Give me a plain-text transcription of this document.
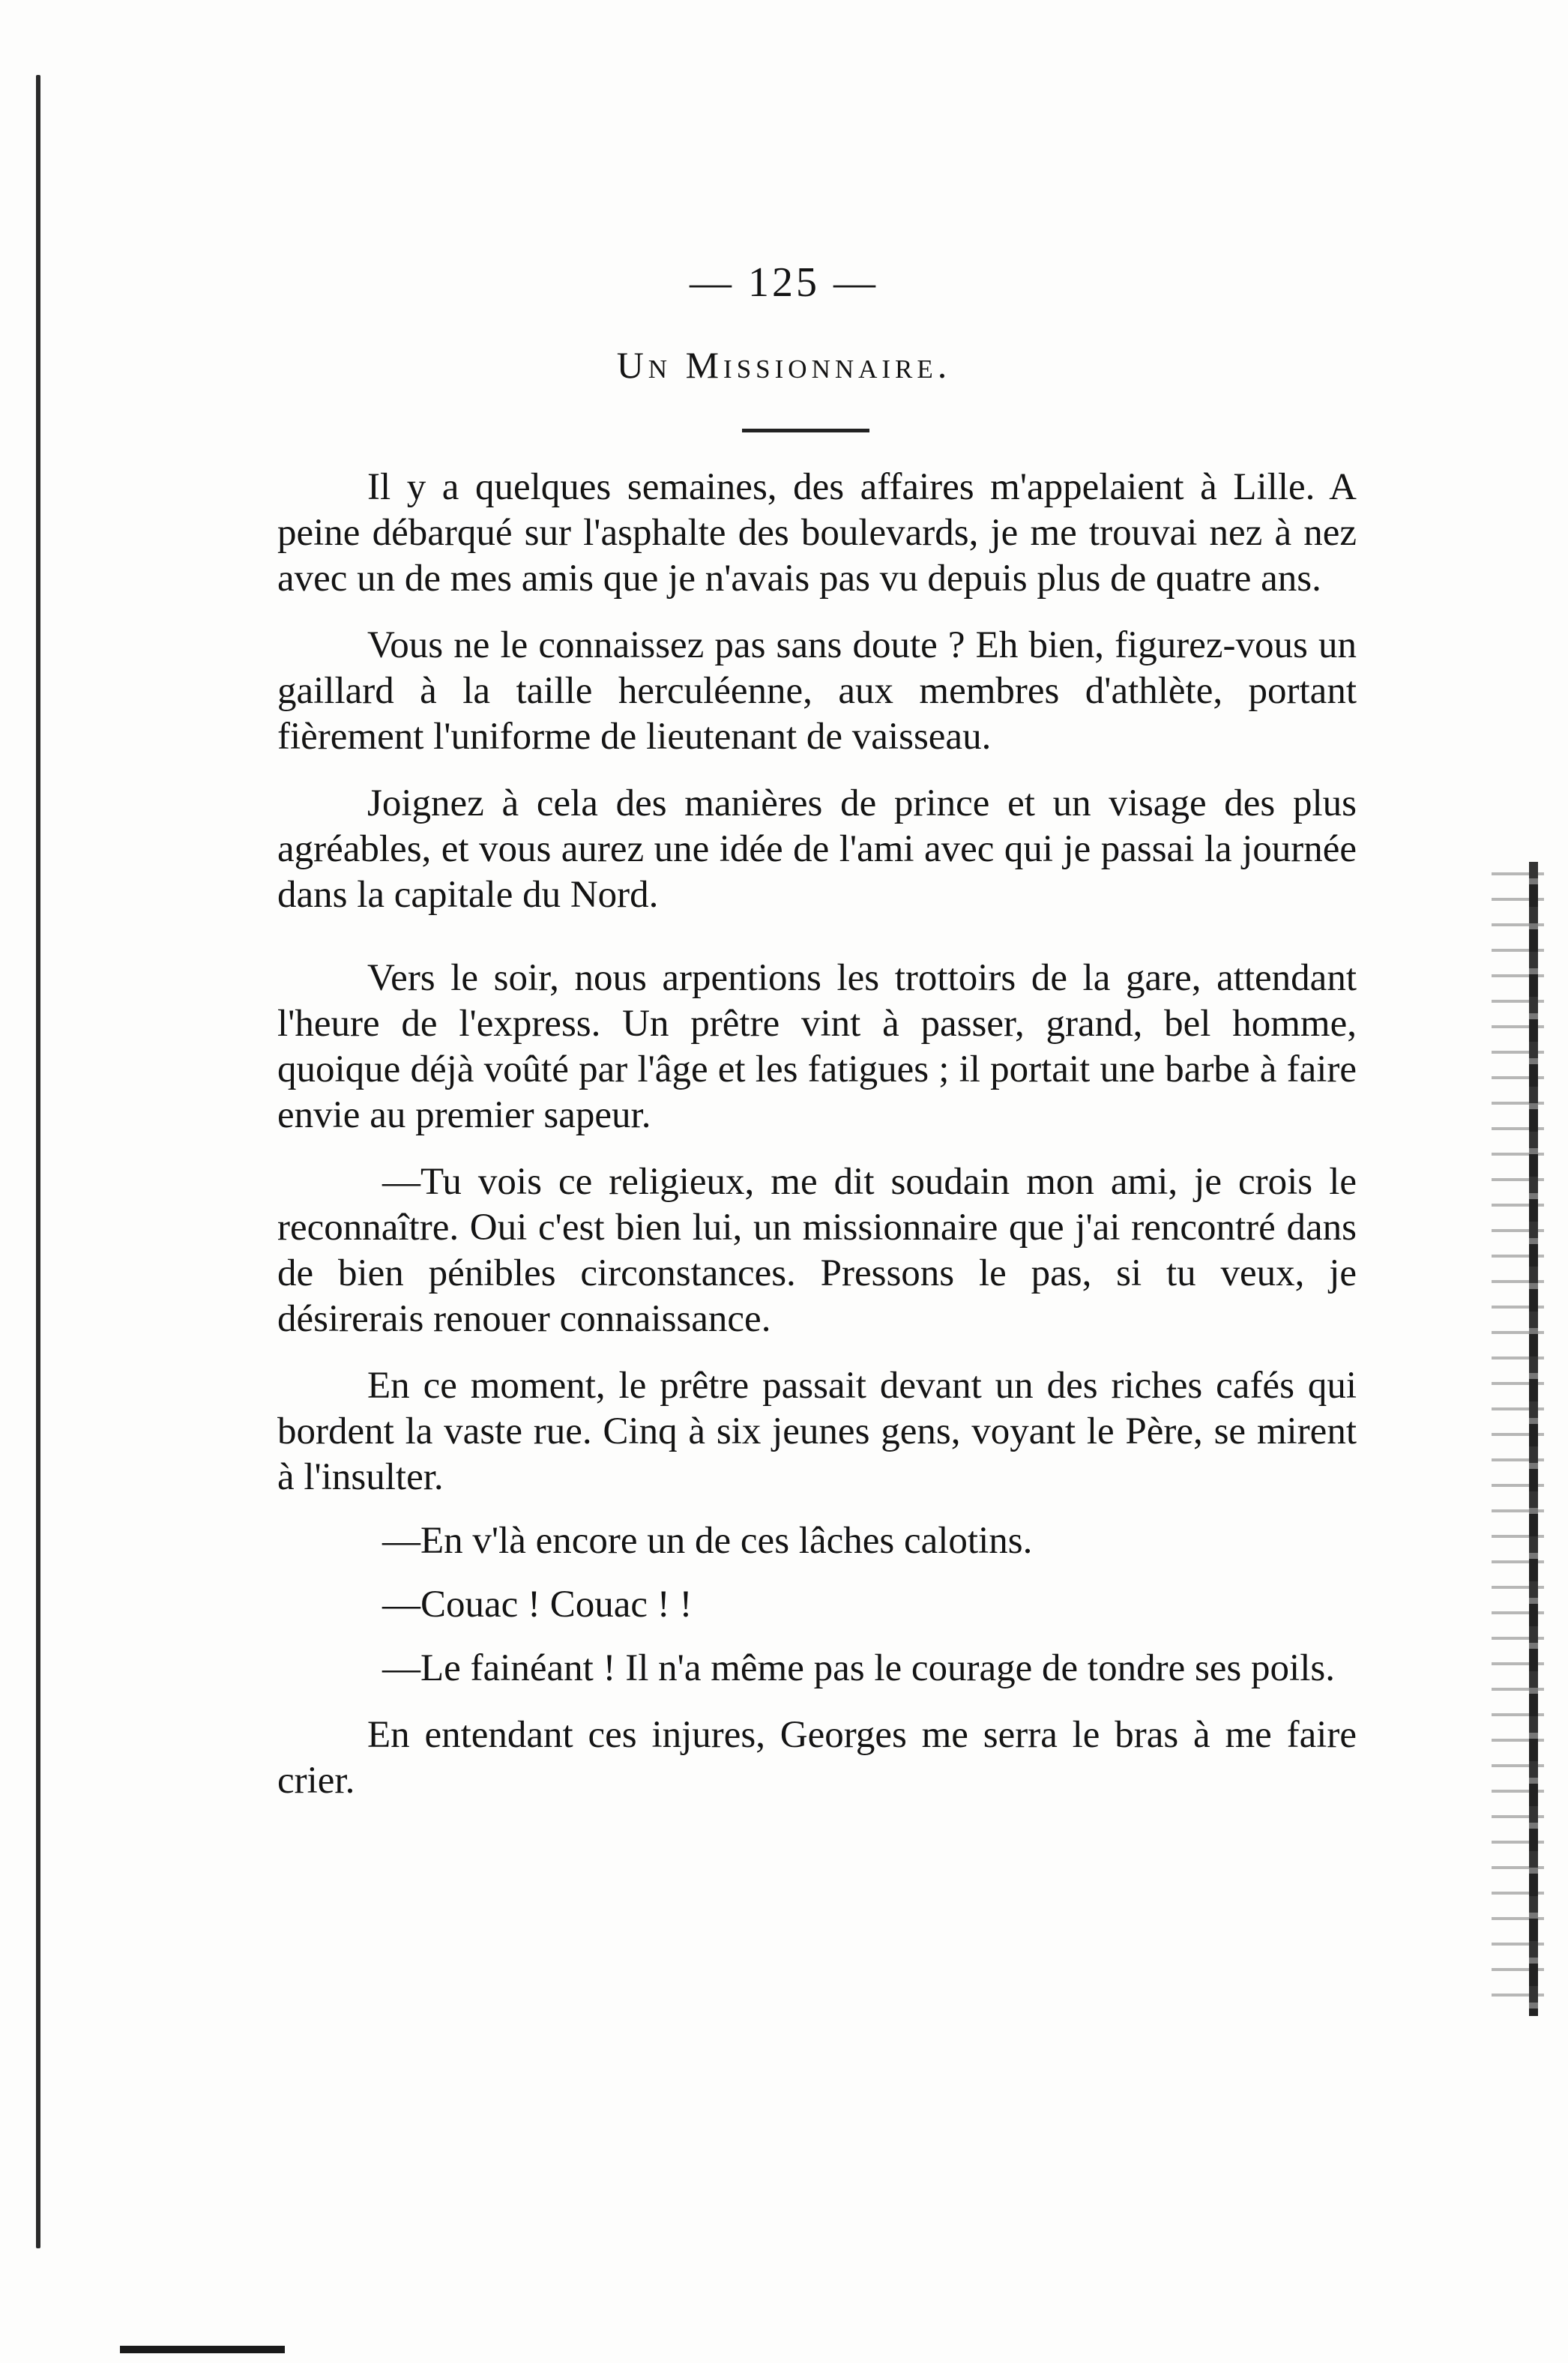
— 125 —
Un Missionnaire.

Il y a quelques semaines, des affaires m'appelaient à Lille. A peine débarqué sur l'asphalte des boulevards, je me trouvai nez à nez avec un de mes amis que je n'avais pas vu depuis plus de quatre ans.

Vous ne le connaissez pas sans doute ? Eh bien, figurez-vous un gaillard à la taille herculéenne, aux membres d'athlète, portant fièrement l'uniforme de lieutenant de vaisseau.

Joignez à cela des manières de prince et un visage des plus agréables, et vous aurez une idée de l'ami avec qui je passai la journée dans la capitale du Nord.

Vers le soir, nous arpentions les trottoirs de la gare, attendant l'heure de l'express. Un prêtre vint à passer, grand, bel homme, quoique déjà voûté par l'âge et les fatigues ; il portait une barbe à faire envie au premier sapeur.

—Tu vois ce religieux, me dit soudain mon ami, je crois le reconnaître. Oui c'est bien lui, un missionnaire que j'ai rencontré dans de bien pénibles circonstances. Pressons le pas, si tu veux, je désirerais renouer connaissance.

En ce moment, le prêtre passait devant un des riches cafés qui bordent la vaste rue. Cinq à six jeunes gens, voyant le Père, se mirent à l'insulter.

—En v'là encore un de ces lâches calotins.

—Couac ! Couac ! !

—Le fainéant ! Il n'a même pas le courage de tondre ses poils.

En entendant ces injures, Georges me serra le bras à me faire crier.
